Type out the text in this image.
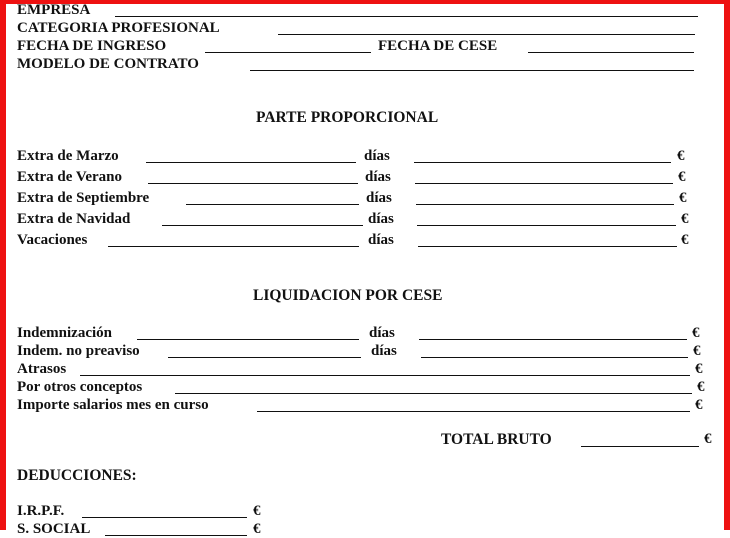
EMPRESA
CATEGORIA PROFESIONAL
FECHA DE INGRESO	FECHA DE CESE
MODELO DE CONTRATO
PARTE PROPORCIONAL
Extra de Marzo	días	€
Extra de Verano	días	€
Extra de Septiembre	días	€
Extra de Navidad	días	€
Vacaciones	días	€
LIQUIDACION POR CESE
Indemnización	días	€
Indem. no preaviso	días	€
Atrasos	€
Por otros conceptos	€
Importe salarios mes en curso	€
TOTAL BRUTO	€
DEDUCCIONES:
I.R.P.F.	€
S. SOCIAL	€
